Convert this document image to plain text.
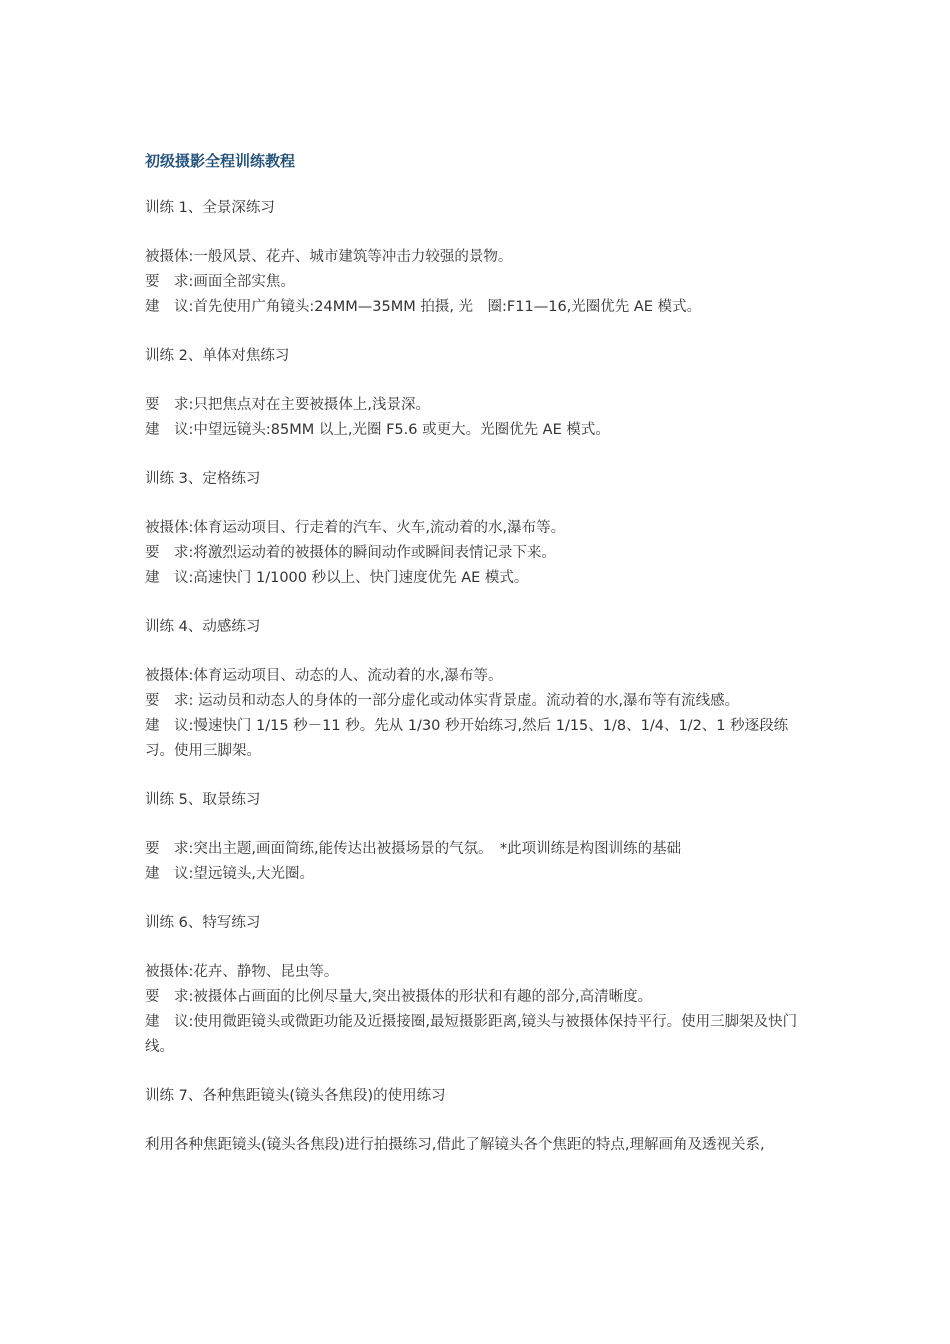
初级摄影全程训练教程
训练 1、全景深练习
被摄体:一般风景、花卉、城市建筑等冲击力较强的景物。
要　求:画面全部实焦。
建　议:首先使用广角镜头:24MM—35MM 拍摄, 光　圈:F11—16,光圈优先 AE 模式。
训练 2、单体对焦练习
要　求:只把焦点对在主要被摄体上,浅景深。
建　议:中望远镜头:85MM 以上,光圈 F5.6 或更大。光圈优先 AE 模式。
训练 3、定格练习
被摄体:体育运动项目、行走着的汽车、火车,流动着的水,瀑布等。
要　求:将激烈运动着的被摄体的瞬间动作或瞬间表情记录下来。
建　议:高速快门 1/1000 秒以上、快门速度优先 AE 模式。
训练 4、动感练习
被摄体:体育运动项目、动态的人、流动着的水,瀑布等。
要　求: 运动员和动态人的身体的一部分虚化或动体实背景虚。流动着的水,瀑布等有流线感。
建　议:慢速快门 1/15 秒－11 秒。先从 1/30 秒开始练习,然后 1/15、1/8、1/4、1/2、1 秒逐段练习。使用三脚架。
训练 5、取景练习
要　求:突出主题,画面简练,能传达出被摄场景的气氛。　*此项训练是构图训练的基础
建　议:望远镜头,大光圈。
训练 6、特写练习
被摄体:花卉、静物、昆虫等。
要　求:被摄体占画面的比例尽量大,突出被摄体的形状和有趣的部分,高清晰度。
建　议:使用微距镜头或微距功能及近摄接圈,最短摄影距离,镜头与被摄体保持平行。使用三脚架及快门线。
训练 7、各种焦距镜头(镜头各焦段)的使用练习
利用各种焦距镜头(镜头各焦段)进行拍摄练习,借此了解镜头各个焦距的特点,理解画角及透视关系,
